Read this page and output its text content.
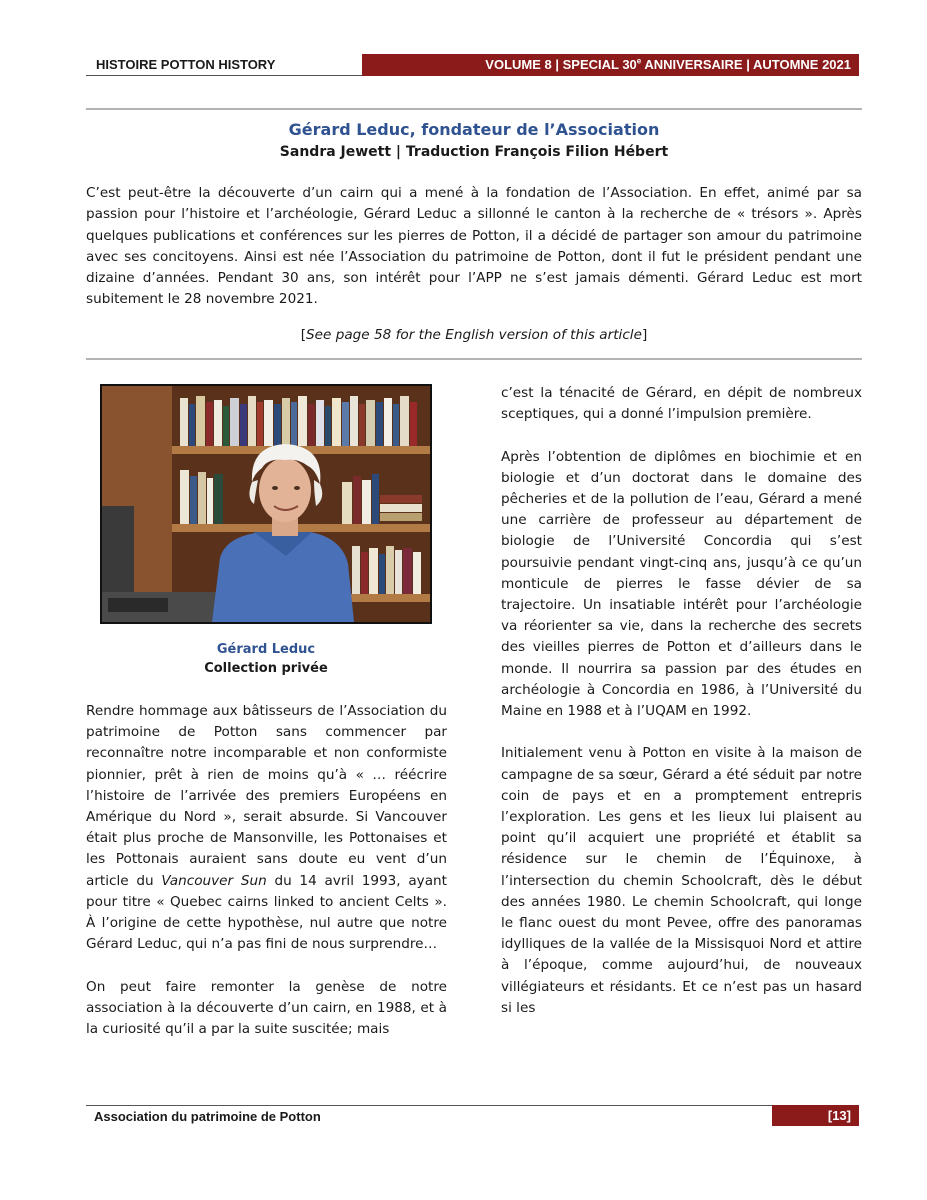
HISTOIRE POTTON HISTORY	VOLUME 8 | SPECIAL 30e ANNIVERSAIRE | AUTOMNE 2021
Gérard Leduc, fondateur de l’Association
Sandra Jewett | Traduction François Filion Hébert

C’est peut-être la découverte d’un cairn qui a mené à la fondation de l’Association. En effet, animé par sa passion pour l’histoire et l’archéologie, Gérard Leduc a sillonné le canton à la recherche de « trésors ». Après quelques publications et conférences sur les pierres de Potton, il a décidé de partager son amour du patrimoine avec ses concitoyens. Ainsi est née l’Association du patrimoine de Potton, dont il fut le président pendant une dizaine d’années. Pendant 30 ans, son intérêt pour l’APP ne s’est jamais démenti. Gérard Leduc est mort subitement le 28 novembre 2021.

[See page 58 for the English version of this article]
Gérard Leduc
Collection privée

Rendre hommage aux bâtisseurs de l’Association du patrimoine de Potton sans commencer par reconnaître notre incomparable et non conformiste pionnier, prêt à rien de moins qu’à « … réécrire l’histoire de l’arrivée des premiers Européens en Amérique du Nord », serait absurde. Si Vancouver était plus proche de Mansonville, les Pottonaises et les Pottonais auraient sans doute eu vent d’un article du Vancouver Sun du 14 avril 1993, ayant pour titre « Quebec cairns linked to ancient Celts ». À l’origine de cette hypothèse, nul autre que notre Gérard Leduc, qui n’a pas fini de nous surprendre…

On peut faire remonter la genèse de notre association à la découverte d’un cairn, en 1988, et à la curiosité qu’il a par la suite suscitée; mais

c’est la ténacité de Gérard, en dépit de nombreux sceptiques, qui a donné l’impulsion première.

Après l’obtention de diplômes en biochimie et en biologie et d’un doctorat dans le domaine des pêcheries et de la pollution de l’eau, Gérard a mené une carrière de professeur au département de biologie de l’Université Concordia qui s’est poursuivie pendant vingt-cinq ans, jusqu’à ce qu’un monticule de pierres le fasse dévier de sa trajectoire. Un insatiable intérêt pour l’archéologie va réorienter sa vie, dans la recherche des secrets des vieilles pierres de Potton et d’ailleurs dans le monde. Il nourrira sa passion par des études en archéologie à Concordia en 1986, à l’Université du Maine en 1988 et à l’UQAM en 1992.

Initialement venu à Potton en visite à la maison de campagne de sa sœur, Gérard a été séduit par notre coin de pays et en a promptement entrepris l’exploration. Les gens et les lieux lui plaisent au point qu’il acquiert une propriété et établit sa résidence sur le chemin de l’Équinoxe, à l’intersection du chemin Schoolcraft, dès le début des années 1980. Le chemin Schoolcraft, qui longe le flanc ouest du mont Pevee, offre des panoramas idylliques de la vallée de la Missisquoi Nord et attire à l’époque, comme aujourd’hui, de nouveaux villégiateurs et résidants. Et ce n’est pas un hasard si les

Association du patrimoine de Potton	[13]
